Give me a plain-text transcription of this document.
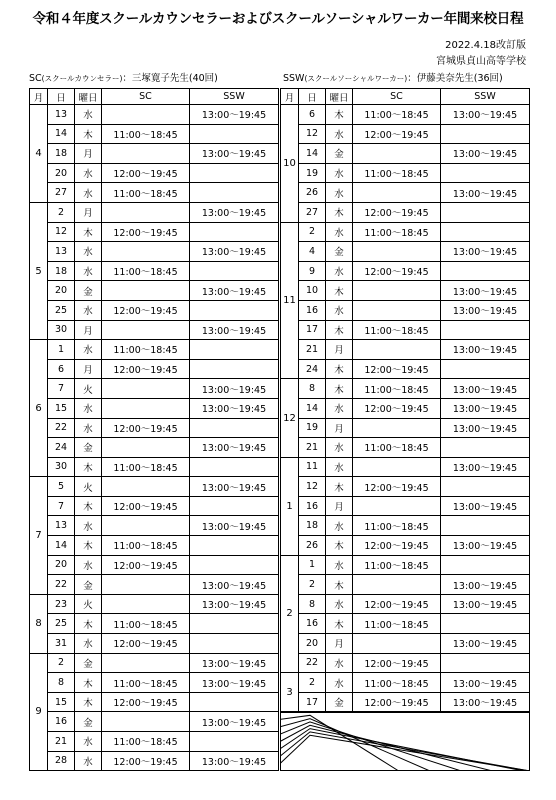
令和４年度スクールカウンセラーおよびスクールソーシャルワーカー年間来校日程
2022.4.18改訂版
宮城県貞山高等学校
SC(スクールカウンセラー)：三塚寛子先生(40回)	SSW(スクールソーシャルワーカー)：伊藤美奈先生(36回)
月	日	曜日	SC	SSW
4	13	水		13:00～19:45
	14	木	11:00～18:45	
	18	月		13:00～19:45
	20	水	12:00～19:45	
	27	水	11:00～18:45	
5	2	月		13:00～19:45
	12	木	12:00～19:45	
	13	水		13:00～19:45
	18	水	11:00～18:45	
	20	金		13:00～19:45
	25	水	12:00～19:45	
	30	月		13:00～19:45
6	1	水	11:00～18:45	
	6	月	12:00～19:45	
	7	火		13:00～19:45
	15	水		13:00～19:45
	22	水	12:00～19:45	
	24	金		13:00～19:45
	30	木	11:00～18:45	
7	5	火		13:00～19:45
	7	木	12:00～19:45	
	13	水		13:00～19:45
	14	木	11:00～18:45	
	20	水	12:00～19:45	
	22	金		13:00～19:45
8	23	火		13:00～19:45
	25	木	11:00～18:45	
	31	水	12:00～19:45	
9	2	金		13:00～19:45
	8	木	11:00～18:45	13:00～19:45
	15	木	12:00～19:45	
	16	金		13:00～19:45
	21	水	11:00～18:45	
	28	水	12:00～19:45	13:00～19:45
月	日	曜日	SC	SSW
10	6	木	11:00～18:45	13:00～19:45
	12	水	12:00～19:45	
	14	金		13:00～19:45
	19	水	11:00～18:45	
	26	水		13:00～19:45
	27	木	12:00～19:45	
11	2	水	11:00～18:45	
	4	金		13:00～19:45
	9	水	12:00～19:45	
	10	木		13:00～19:45
	16	水		13:00～19:45
	17	木	11:00～18:45	
	21	月		13:00～19:45
	24	木	12:00～19:45	
12	8	木	11:00～18:45	13:00～19:45
	14	水	12:00～19:45	13:00～19:45
	19	月		13:00～19:45
	21	水	11:00～18:45	
1	11	水		13:00～19:45
	12	木	12:00～19:45	
	16	月		13:00～19:45
	18	水	11:00～18:45	
	26	木	12:00～19:45	13:00～19:45
2	1	水	11:00～18:45	
	2	木		13:00～19:45
	8	水	12:00～19:45	13:00～19:45
	16	木	11:00～18:45	
	20	月		13:00～19:45
	22	水	12:00～19:45	
3	2	水	11:00～18:45	13:00～19:45
	17	金	12:00～19:45	13:00～19:45
